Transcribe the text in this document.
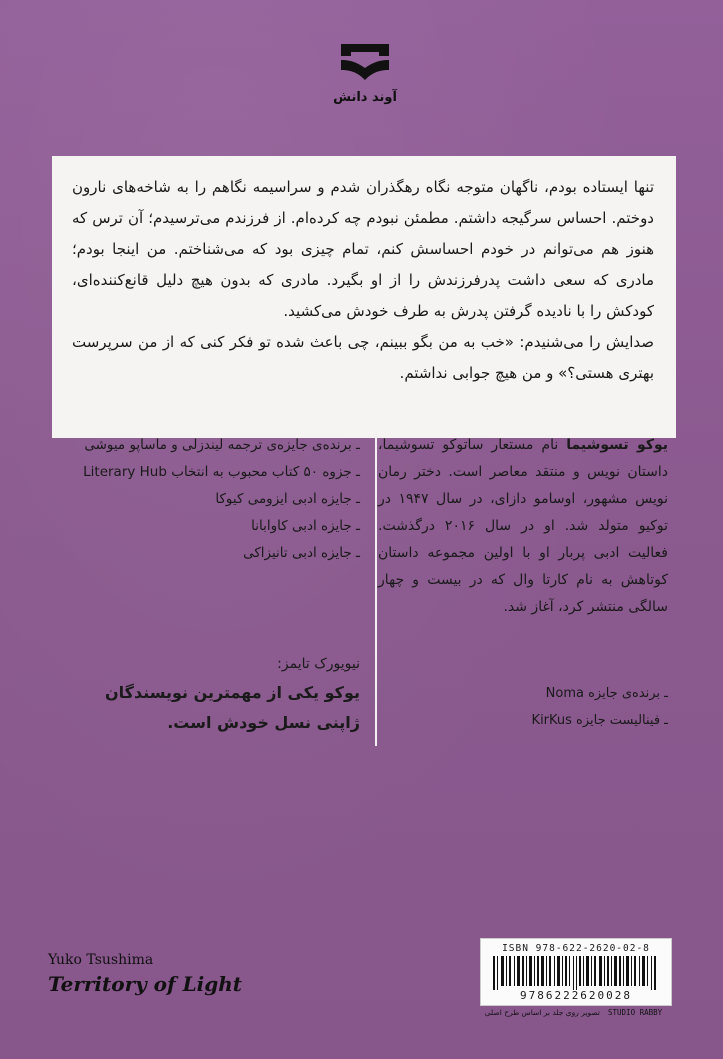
آوند دانش

تنها ایستاده بودم، ناگهان متوجه نگاه رهگذران شدم و سراسیمه نگاهم را به شاخه‌های نارون دوختم. احساس سرگیجه داشتم. مطمئن نبودم چه کرده‌ام. از فرزندم می‌ترسیدم؛ آن ترس که هنوز هم می‌توانم در خودم احساسش کنم، تمام چیزی بود که می‌شناختم. من اینجا بودم؛ مادری که سعی داشت پدرفرزندش را از او بگیرد. مادری که بدون هیچ دلیل قانع‌کننده‌ای، کودکش را با نادیده گرفتن پدرش به طرف خودش می‌کشید.

صدایش را می‌شنیدم: «خب به من بگو ببینم، چی باعث شده تو فکر کنی که از من سرپرست بهتری هستی؟» و من هیچ جوابی نداشتم.

یوکو تسوشیما نام مستعار ساتوکو تسوشیما، داستان نویس و منتقد معاصر است. دختر رمان نویس مشهور، اوسامو دازای، در سال ۱۹۴۷ در توکیو متولد شد. او در سال ۲۰۱۶ درگذشت. فعالیت ادبی پربار او با اولین مجموعه داستان کوتاهش به نام کارتا وال که در بیست و چهار سالگی منتشر کرد، آغاز شد.
ـ برنده‌ی جایزه Noma
ـ فینالیست جایزه KirKus
ـ برنده‌ی جایزه‌ی ترجمه لیندزلی و ماساپو میوشی
ـ جزوه ۵۰ کتاب محبوب به انتخاب Literary Hub
ـ جایزه ادبی ایزومی کیوکا
ـ جایزه ادبی کاوابانا
ـ جایزه ادبی تانیزاکی
نیویورک تایمز:
یوکو یکی از مهمترین نویسندگان ژاپنی نسل خودش است.
Yuko Tsushima
Territory of Light
ISBN 978-622-2620-02-8
9786222620028
STUDIO RABBY
تصویر روی جلد بر اساس طرح اصلی
